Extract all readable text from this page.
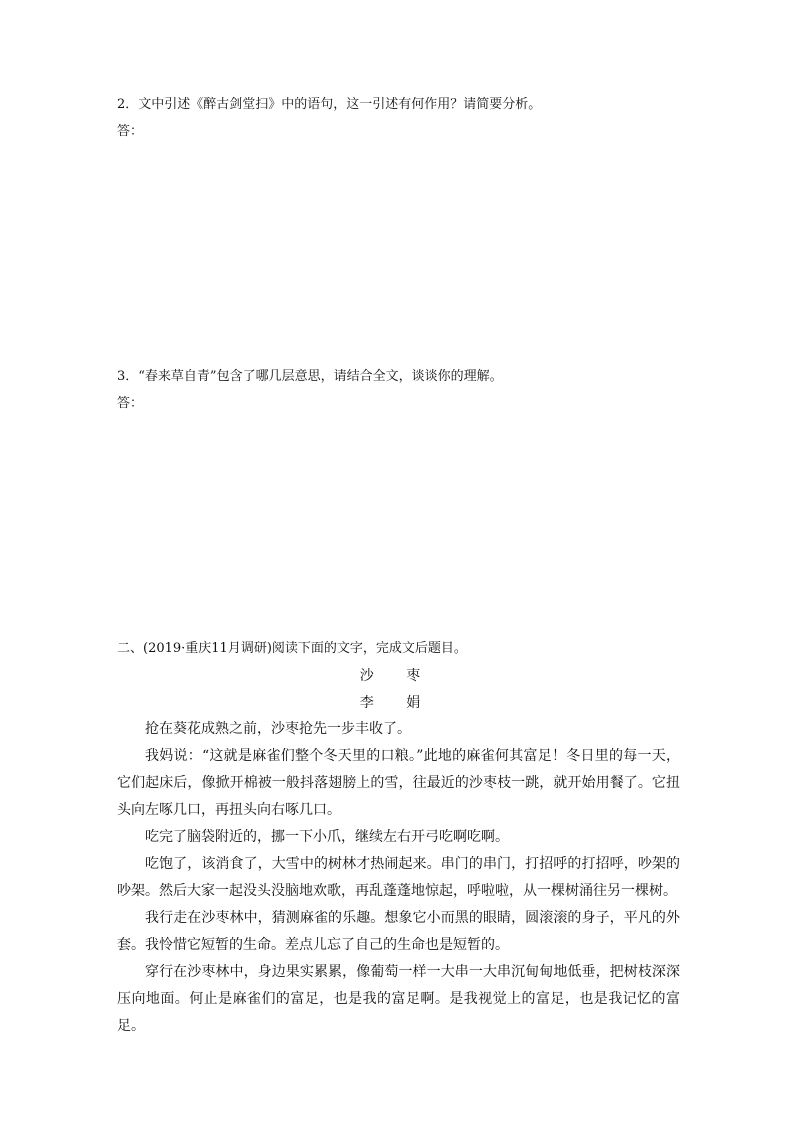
2．文中引述《醉古剑堂扫》中的语句，这一引述有何作用？请简要分析。
答：
3．“春来草自青”包含了哪几层意思，请结合全文，谈谈你的理解。
答：
二、(2019·重庆11月调研)阅读下面的文字，完成文后题目。
沙 枣
李 娟

抢在葵花成熟之前，沙枣抢先一步丰收了。

我妈说：“这就是麻雀们整个冬天里的口粮。”此地的麻雀何其富足！冬日里的每一天，它们起床后，像掀开棉被一般抖落翅膀上的雪，往最近的沙枣枝一跳，就开始用餐了。它扭头向左啄几口，再扭头向右啄几口。

吃完了脑袋附近的，挪一下小爪，继续左右开弓吃啊吃啊。

吃饱了，该消食了，大雪中的树林才热闹起来。串门的串门，打招呼的打招呼，吵架的吵架。然后大家一起没头没脑地欢歌，再乱蓬蓬地惊起，呼啦啦，从一棵树涌往另一棵树。

我行走在沙枣林中，猜测麻雀的乐趣。想象它小而黑的眼睛，圆滚滚的身子，平凡的外套。我怜惜它短暂的生命。差点儿忘了自己的生命也是短暂的。

穿行在沙枣林中，身边果实累累，像葡萄一样一大串一大串沉甸甸地低垂，把树枝深深压向地面。何止是麻雀们的富足，也是我的富足啊。是我视觉上的富足，也是我记忆的富足。
